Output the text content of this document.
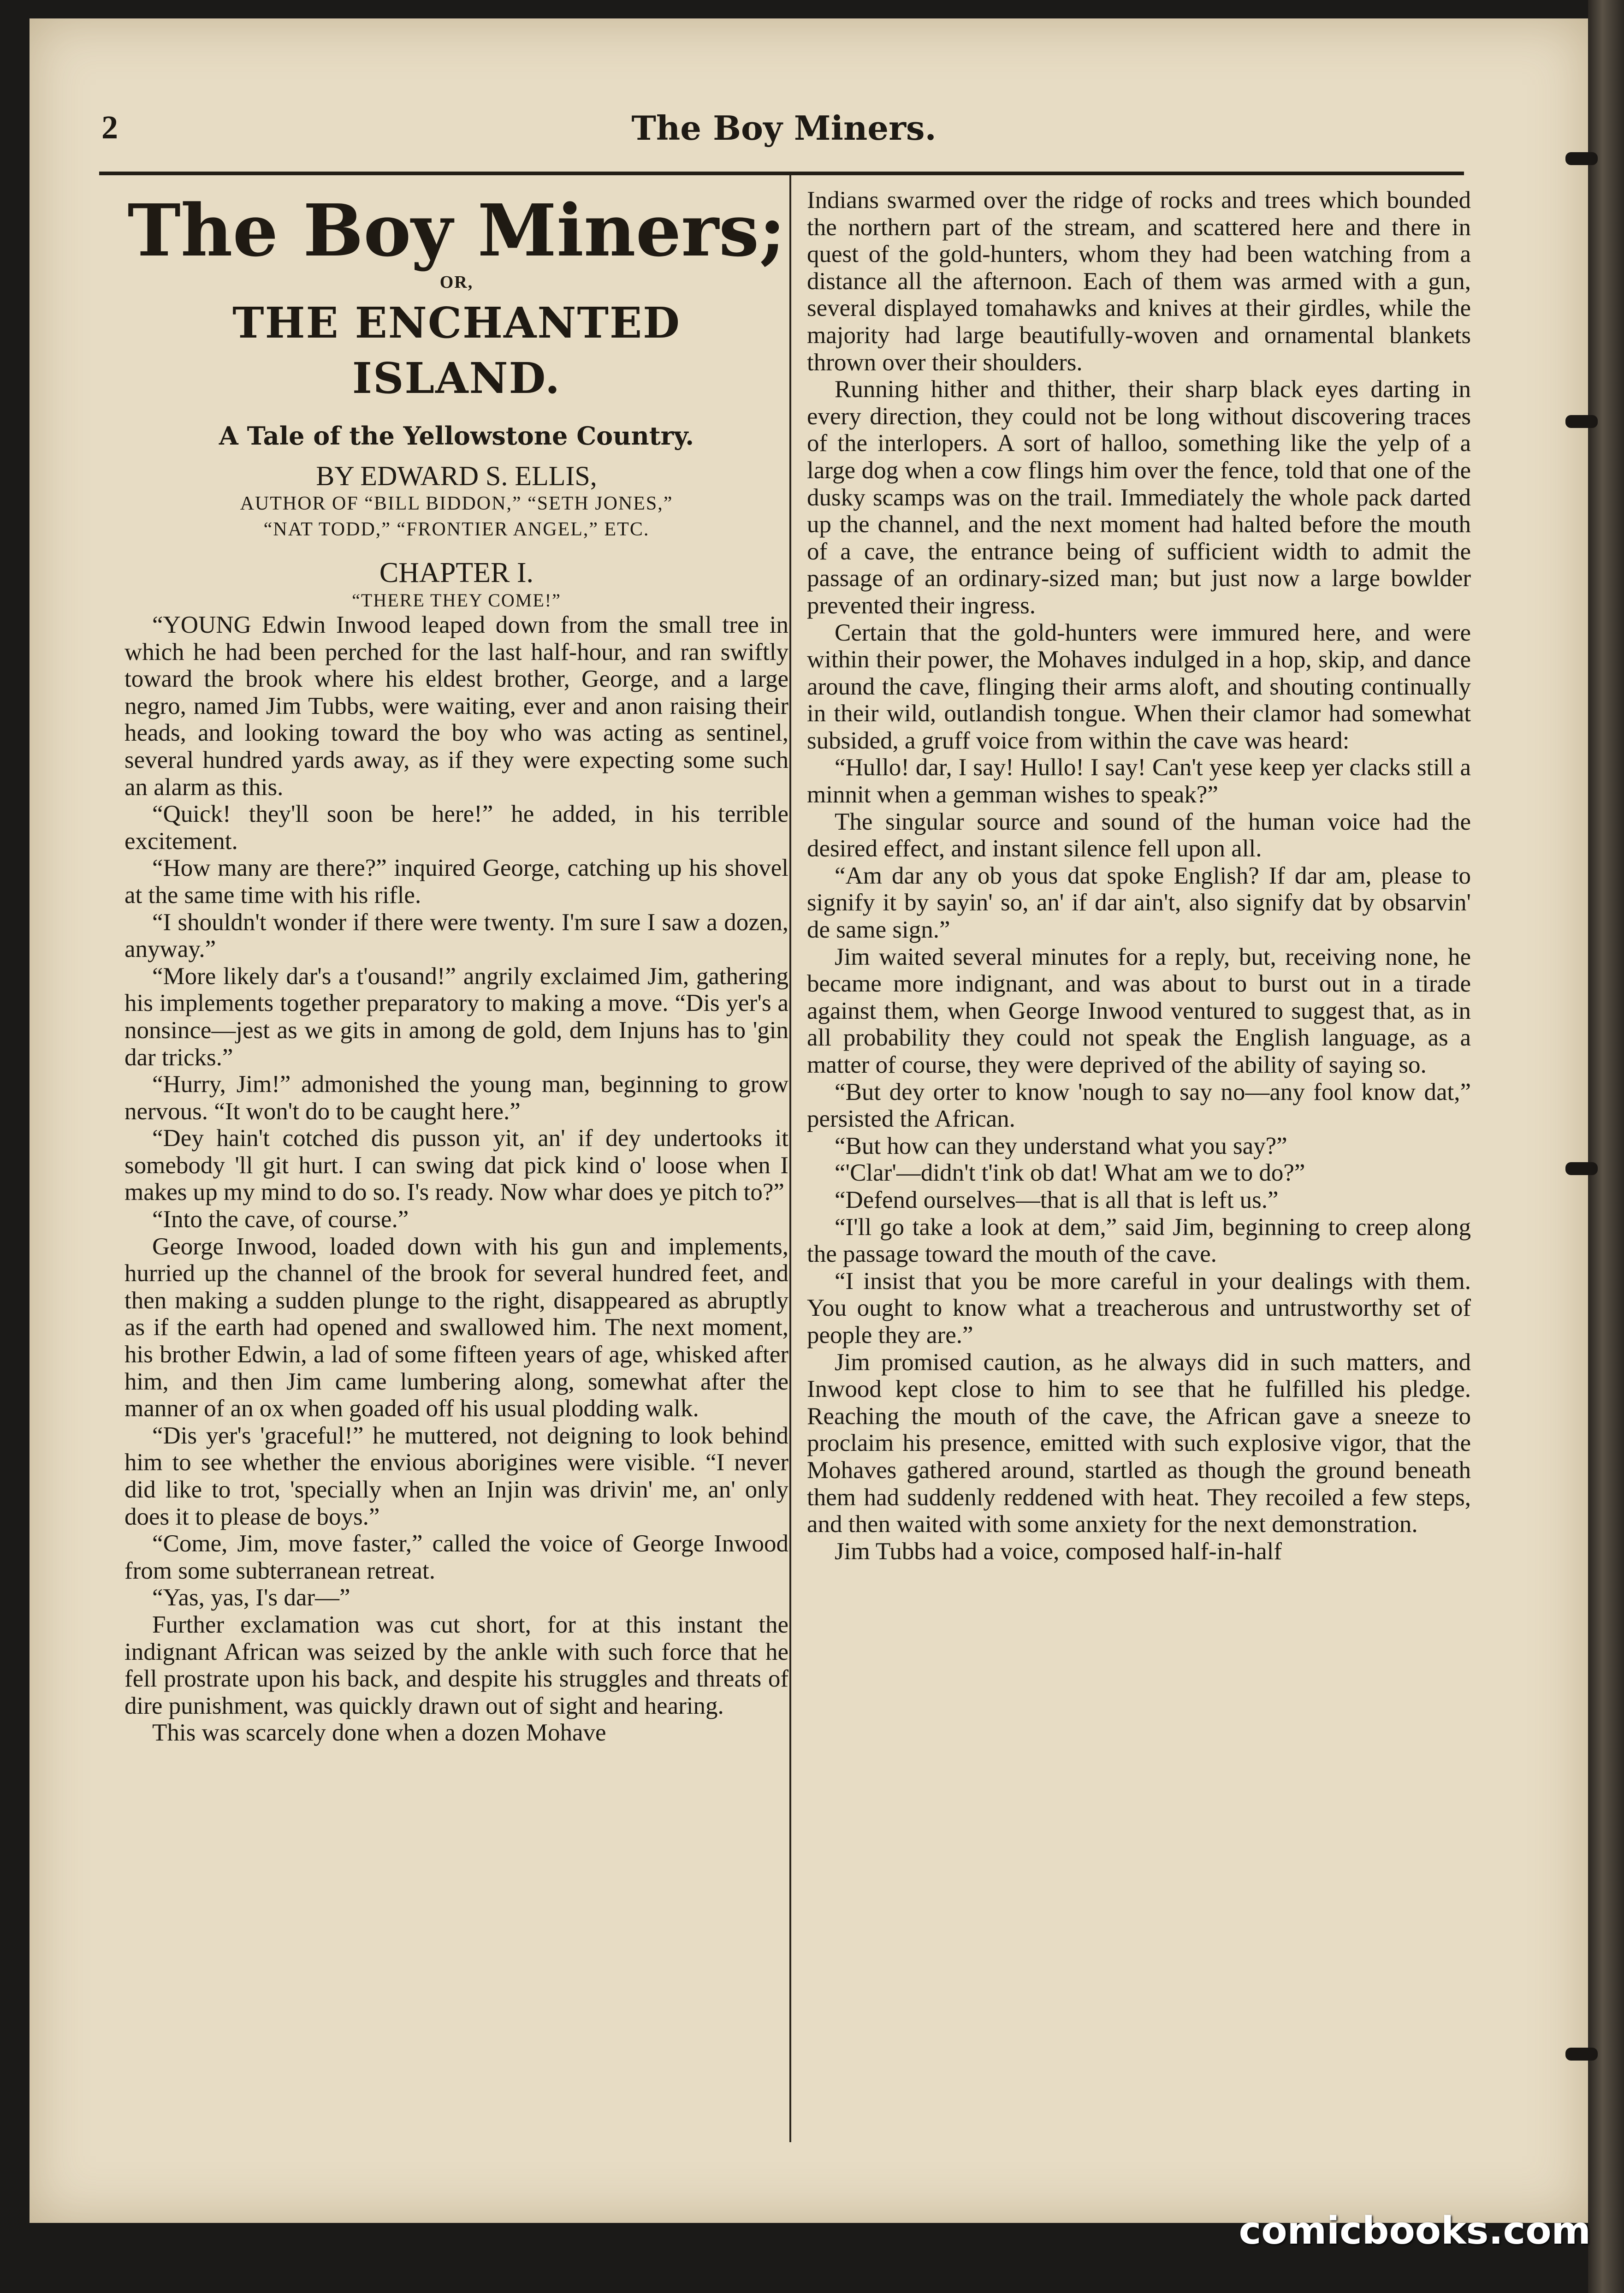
2	The Boy Miners.
The Boy Miners;
OR,
THE ENCHANTED ISLAND.
A Tale of the Yellowstone Country.
BY EDWARD S. ELLIS,
AUTHOR OF “BILL BIDDON,” “SETH JONES,”
“NAT TODD,” “FRONTIER ANGEL,” ETC.
CHAPTER I.
“THERE THEY COME!”

“YOUNG Edwin Inwood leaped down from the small tree in which he had been perched for the last half-hour, and ran swiftly toward the brook where his eldest brother, George, and a large negro, named Jim Tubbs, were waiting, ever and anon raising their heads, and looking toward the boy who was acting as sentinel, several hundred yards away, as if they were expecting some such an alarm as this.

“Quick! they'll soon be here!” he added, in his terrible excitement.

“How many are there?” inquired George, catching up his shovel at the same time with his rifle.

“I shouldn't wonder if there were twenty. I'm sure I saw a dozen, anyway.”

“More likely dar's a t'ousand!” angrily exclaimed Jim, gathering his implements together preparatory to making a move. “Dis yer's a nonsince—jest as we gits in among de gold, dem Injuns has to 'gin dar tricks.”

“Hurry, Jim!” admonished the young man, beginning to grow nervous. “It won't do to be caught here.”

“Dey hain't cotched dis pusson yit, an' if dey undertooks it somebody 'll git hurt. I can swing dat pick kind o' loose when I makes up my mind to do so. I's ready. Now whar does ye pitch to?”

“Into the cave, of course.”

George Inwood, loaded down with his gun and implements, hurried up the channel of the brook for several hundred feet, and then making a sudden plunge to the right, disappeared as abruptly as if the earth had opened and swallowed him. The next moment, his brother Edwin, a lad of some fifteen years of age, whisked after him, and then Jim came lumbering along, somewhat after the manner of an ox when goaded off his usual plodding walk.

“Dis yer's 'graceful!” he muttered, not deigning to look behind him to see whether the envious aborigines were visible. “I never did like to trot, 'specially when an Injin was drivin' me, an' only does it to please de boys.”

“Come, Jim, move faster,” called the voice of George Inwood from some subterranean retreat.

“Yas, yas, I's dar—”

Further exclamation was cut short, for at this instant the indignant African was seized by the ankle with such force that he fell prostrate upon his back, and despite his struggles and threats of dire punishment, was quickly drawn out of sight and hearing.

This was scarcely done when a dozen Mohave

Indians swarmed over the ridge of rocks and trees which bounded the northern part of the stream, and scattered here and there in quest of the gold-hunters, whom they had been watching from a distance all the afternoon. Each of them was armed with a gun, several displayed tomahawks and knives at their girdles, while the majority had large beautifully-woven and ornamental blankets thrown over their shoulders.

Running hither and thither, their sharp black eyes darting in every direction, they could not be long without discovering traces of the interlopers. A sort of halloo, something like the yelp of a large dog when a cow flings him over the fence, told that one of the dusky scamps was on the trail. Immediately the whole pack darted up the channel, and the next moment had halted before the mouth of a cave, the entrance being of sufficient width to admit the passage of an ordinary-sized man; but just now a large bowlder prevented their ingress.

Certain that the gold-hunters were immured here, and were within their power, the Mohaves indulged in a hop, skip, and dance around the cave, flinging their arms aloft, and shouting continually in their wild, outlandish tongue. When their clamor had somewhat subsided, a gruff voice from within the cave was heard:

“Hullo! dar, I say! Hullo! I say! Can't yese keep yer clacks still a minnit when a gemman wishes to speak?”

The singular source and sound of the human voice had the desired effect, and instant silence fell upon all.

“Am dar any ob yous dat spoke English? If dar am, please to signify it by sayin' so, an' if dar ain't, also signify dat by obsarvin' de same sign.”

Jim waited several minutes for a reply, but, receiving none, he became more indignant, and was about to burst out in a tirade against them, when George Inwood ventured to suggest that, as in all probability they could not speak the English language, as a matter of course, they were deprived of the ability of saying so.

“But dey orter to know 'nough to say no—any fool know dat,” persisted the African.

“But how can they understand what you say?”

“'Clar'—didn't t'ink ob dat! What am we to do?”

“Defend ourselves—that is all that is left us.”

“I'll go take a look at dem,” said Jim, beginning to creep along the passage toward the mouth of the cave.

“I insist that you be more careful in your dealings with them. You ought to know what a treacherous and untrustworthy set of people they are.”

Jim promised caution, as he always did in such matters, and Inwood kept close to him to see that he fulfilled his pledge. Reaching the mouth of the cave, the African gave a sneeze to proclaim his presence, emitted with such explosive vigor, that the Mohaves gathered around, startled as though the ground beneath them had suddenly reddened with heat. They recoiled a few steps, and then waited with some anxiety for the next demonstration.

Jim Tubbs had a voice, composed half-in-half

comicbooks.com
